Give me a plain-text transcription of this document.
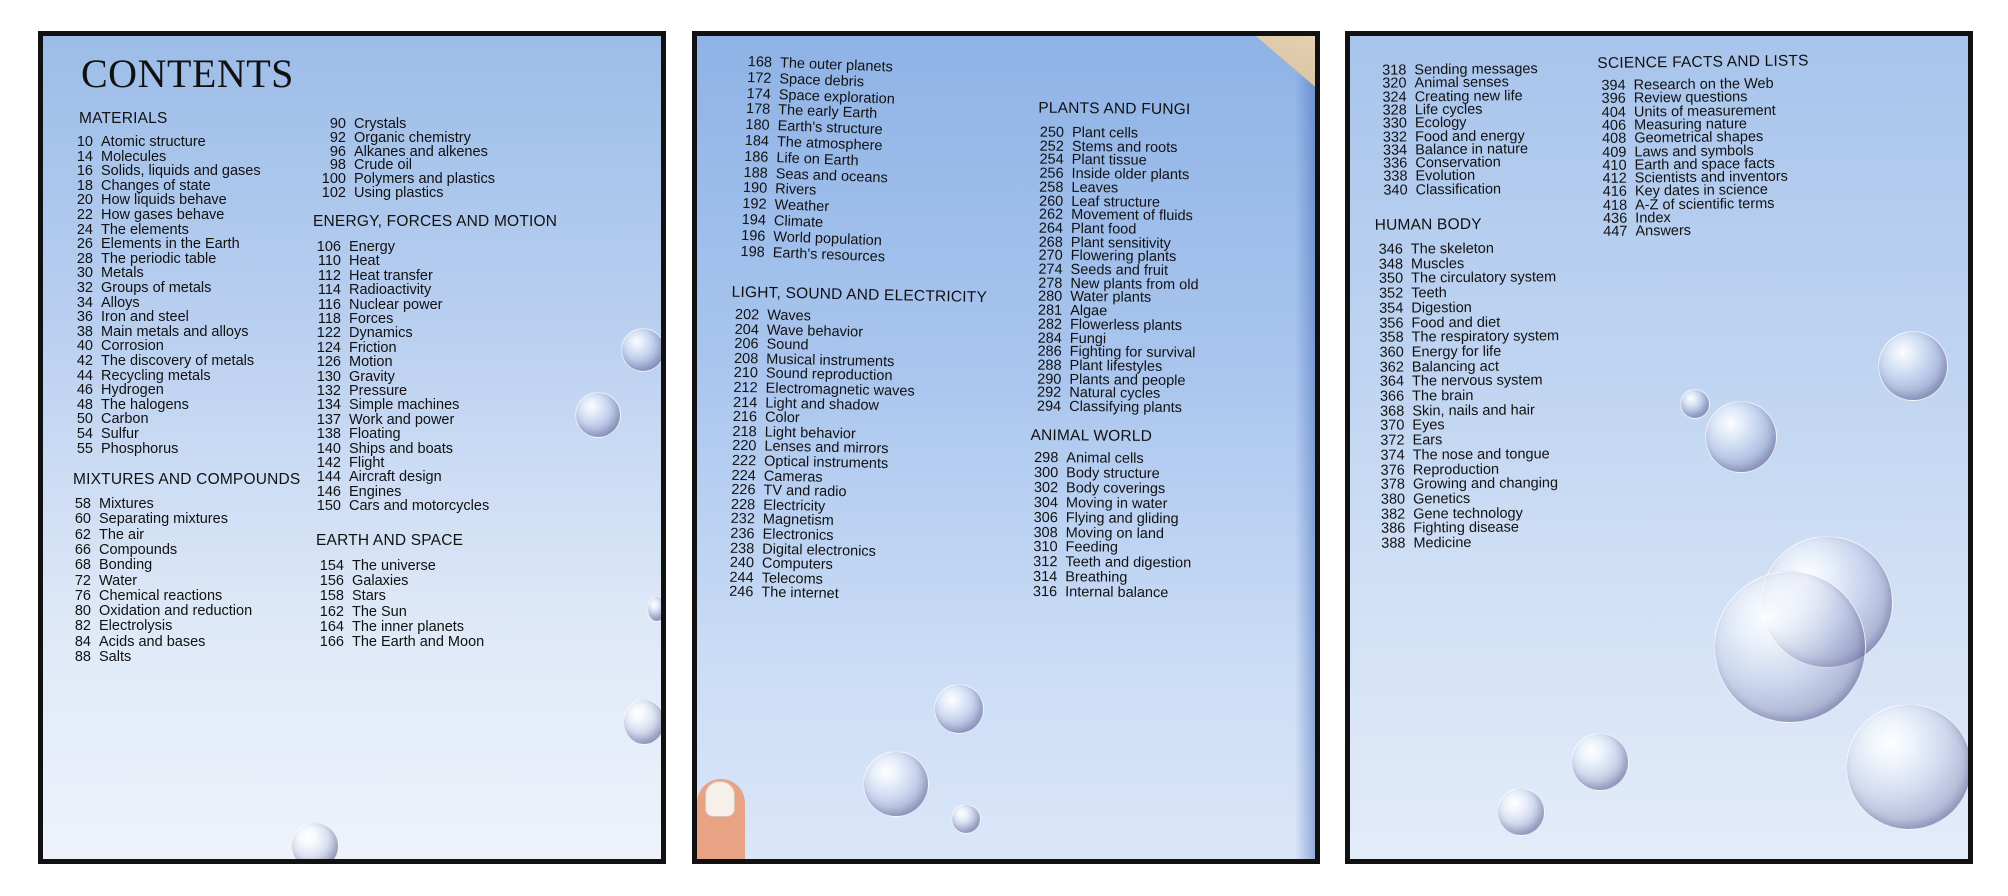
CONTENTS
MATERIALS
10 Atomic structure
14 Molecules
16 Solids, liquids and gases
18 Changes of state
20 How liquids behave
22 How gases behave
24 The elements
26 Elements in the Earth
28 The periodic table
30 Metals
32 Groups of metals
34 Alloys
36 Iron and steel
38 Main metals and alloys
40 Corrosion
42 The discovery of metals
44 Recycling metals
46 Hydrogen
48 The halogens
50 Carbon
54 Sulfur
55 Phosphorus
MIXTURES AND COMPOUNDS
58 Mixtures
60 Separating mixtures
62 The air
66 Compounds
68 Bonding
72 Water
76 Chemical reactions
80 Oxidation and reduction
82 Electrolysis
84 Acids and bases
88 Salts
90 Crystals
92 Organic chemistry
96 Alkanes and alkenes
98 Crude oil
100 Polymers and plastics
102 Using plastics
ENERGY, FORCES AND MOTION
106 Energy
110 Heat
112 Heat transfer
114 Radioactivity
116 Nuclear power
118 Forces
122 Dynamics
124 Friction
126 Motion
130 Gravity
132 Pressure
134 Simple machines
137 Work and power
138 Floating
140 Ships and boats
142 Flight
144 Aircraft design
146 Engines
150 Cars and motorcycles
EARTH AND SPACE
154 The universe
156 Galaxies
158 Stars
162 The Sun
164 The inner planets
166 The Earth and Moon
168 The outer planets
172 Space debris
174 Space exploration
178 The early Earth
180 Earth's structure
184 The atmosphere
186 Life on Earth
188 Seas and oceans
190 Rivers
192 Weather
194 Climate
196 World population
198 Earth's resources
LIGHT, SOUND AND ELECTRICITY
202 Waves
204 Wave behavior
206 Sound
208 Musical instruments
210 Sound reproduction
212 Electromagnetic waves
214 Light and shadow
216 Color
218 Light behavior
220 Lenses and mirrors
222 Optical instruments
224 Cameras
226 TV and radio
228 Electricity
232 Magnetism
236 Electronics
238 Digital electronics
240 Computers
244 Telecoms
246 The internet
PLANTS AND FUNGI
250 Plant cells
252 Stems and roots
254 Plant tissue
256 Inside older plants
258 Leaves
260 Leaf structure
262 Movement of fluids
264 Plant food
268 Plant sensitivity
270 Flowering plants
274 Seeds and fruit
278 New plants from old
280 Water plants
281 Algae
282 Flowerless plants
284 Fungi
286 Fighting for survival
288 Plant lifestyles
290 Plants and people
292 Natural cycles
294 Classifying plants
ANIMAL WORLD
298 Animal cells
300 Body structure
302 Body coverings
304 Moving in water
306 Flying and gliding
308 Moving on land
310 Feeding
312 Teeth and digestion
314 Breathing
316 Internal balance
318 Sending messages
320 Animal senses
324 Creating new life
328 Life cycles
330 Ecology
332 Food and energy
334 Balance in nature
336 Conservation
338 Evolution
340 Classification
HUMAN BODY
346 The skeleton
348 Muscles
350 The circulatory system
352 Teeth
354 Digestion
356 Food and diet
358 The respiratory system
360 Energy for life
362 Balancing act
364 The nervous system
366 The brain
368 Skin, nails and hair
370 Eyes
372 Ears
374 The nose and tongue
376 Reproduction
378 Growing and changing
380 Genetics
382 Gene technology
386 Fighting disease
388 Medicine
SCIENCE FACTS AND LISTS
394 Research on the Web
396 Review questions
404 Units of measurement
406 Measuring nature
408 Geometrical shapes
409 Laws and symbols
410 Earth and space facts
412 Scientists and inventors
416 Key dates in science
418 A-Z of scientific terms
436 Index
447 Answers
